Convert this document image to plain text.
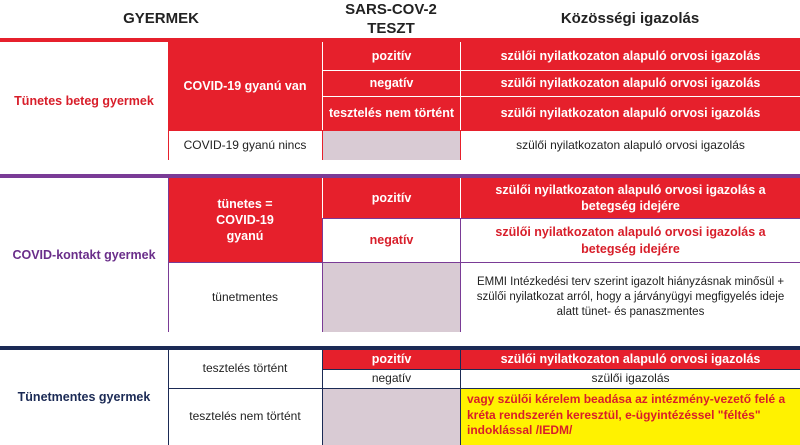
GYERMEK
SARS-COV-2 TESZT
Közösségi igazolás
Tünetes beteg gyermek
COVID-19 gyanú van
pozitív
negatív
tesztelés nem történt
szülői nyilatkozaton alapuló orvosi igazolás
szülői nyilatkozaton alapuló orvosi igazolás
szülői nyilatkozaton alapuló orvosi igazolás
COVID-19 gyanú nincs	szülői nyilatkozaton alapuló orvosi igazolás
COVID-kontakt gyermek
tünetes = COVID-19 gyanú
pozitív
negatív
szülői nyilatkozaton alapuló orvosi igazolás a betegség idejére
szülői nyilatkozaton alapuló orvosi igazolás a betegség idejére
tünetmentes
EMMI Intézkedési terv szerint igazolt hiányzásnak minősül + szülői nyilatkozat arról, hogy a járványügyi megfigyelés ideje alatt tünet- és panaszmentes
Tünetmentes gyermek
tesztelés történt
pozitív
negatív
szülői nyilatkozaton alapuló orvosi igazolás
szülői igazolás
tesztelés nem történt
vagy szülői kérelem beadása az intézmény-vezető felé a kréta rendszerén keresztül, e-ügyintézéssel "féltés" indoklással /IEDM/
